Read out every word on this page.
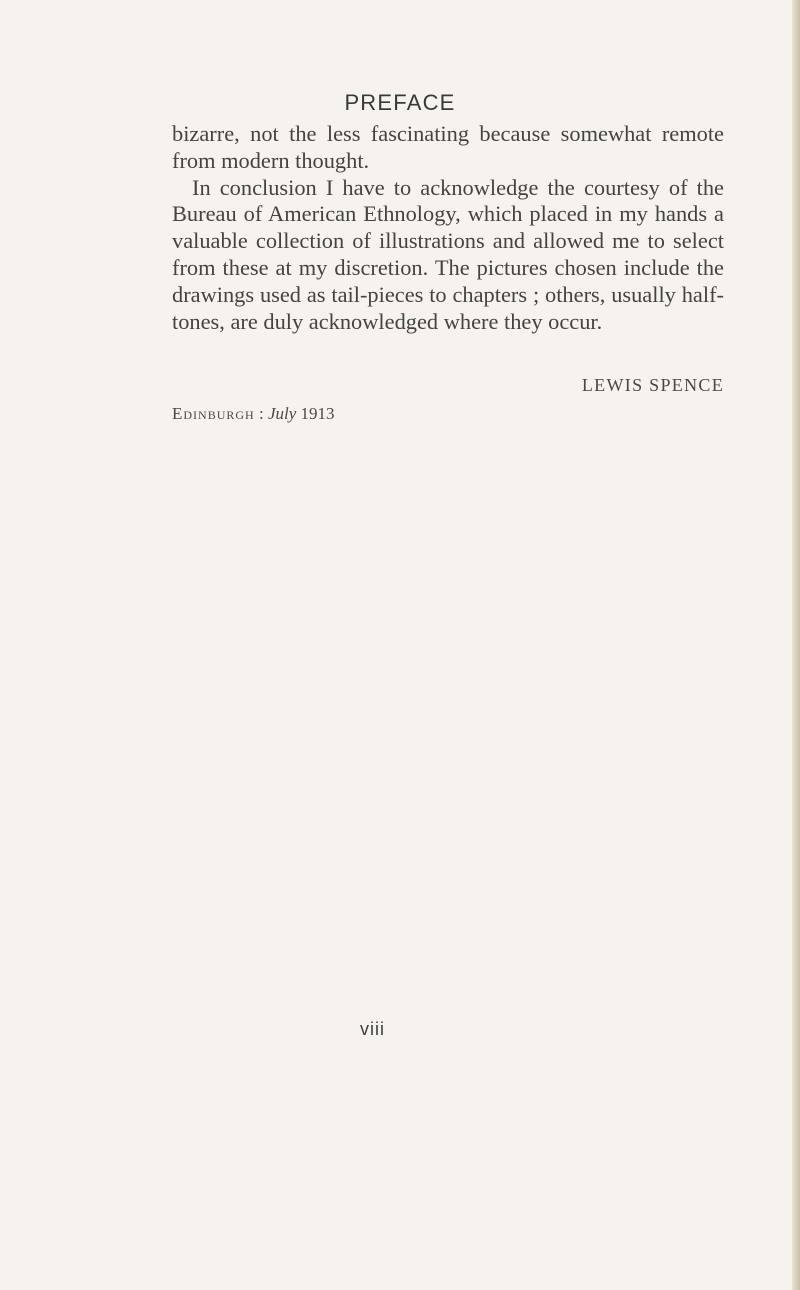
PREFACE

bizarre, not the less fascinating because somewhat remote from modern thought.

In conclusion I have to acknowledge the courtesy of the Bureau of American Ethnology, which placed in my hands a valuable collection of illustrations and allowed me to select from these at my discretion. The pictures chosen include the drawings used as tail-pieces to chapters ; others, usually half-tones, are duly acknowledged where they occur.

LEWIS SPENCE
Edinburgh : July 1913
viii
